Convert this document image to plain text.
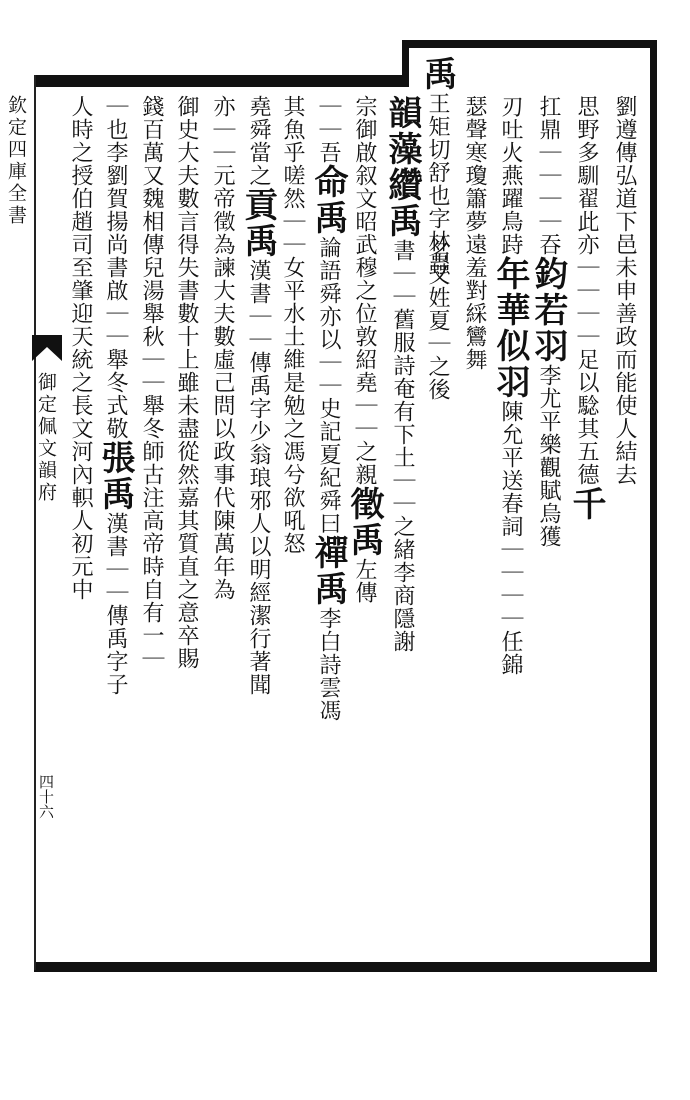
欽定四庫全書
御定佩文韻府
四十六
劉遵傳弘道下邑未申善政而能使人結去
思野多馴翟此亦｜｜｜｜足以騐其五德千
扛鼎｜｜｜｜吞鈞若羽李尤平樂觀賦烏獲
刃吐火燕躍鳥跱年華似羽陳允平送春詞｜｜｜｜任錦
瑟聲寒瓊簫夢遠羞對綵鸞舞
禹王矩切舒也字林蟲
名又姓夏｜之後
韻藻纘禹書｜｜舊服詩奄有下土｜｜之緒李商隱謝
宗御啟叙文昭武穆之位敦紹堯｜｜之親徵禹左傳
｜｜吾命禹論語舜亦以｜｜史記夏紀舜曰禪禹李白詩雲馮
其魚乎嗟然｜｜女平水土維是勉之馮兮欲吼怒
堯舜當之貢禹漢書｜｜傳禹字少翁琅邪人以明經潔行著聞
亦｜｜元帝徵為諫大夫數虛己問以政事代陳萬年為
御史大夫數言得失書數十上雖未盡從然嘉其質直之意卒賜
錢百萬又魏相傳兒湯舉秋｜｜舉冬師古注高帝時自有一｜
｜也李劉賀揚尚書啟｜｜舉冬式敬張禹漢書｜｜傳禹字子
人時之授伯趙司至肇迎天統之長文河內軹人初元中
